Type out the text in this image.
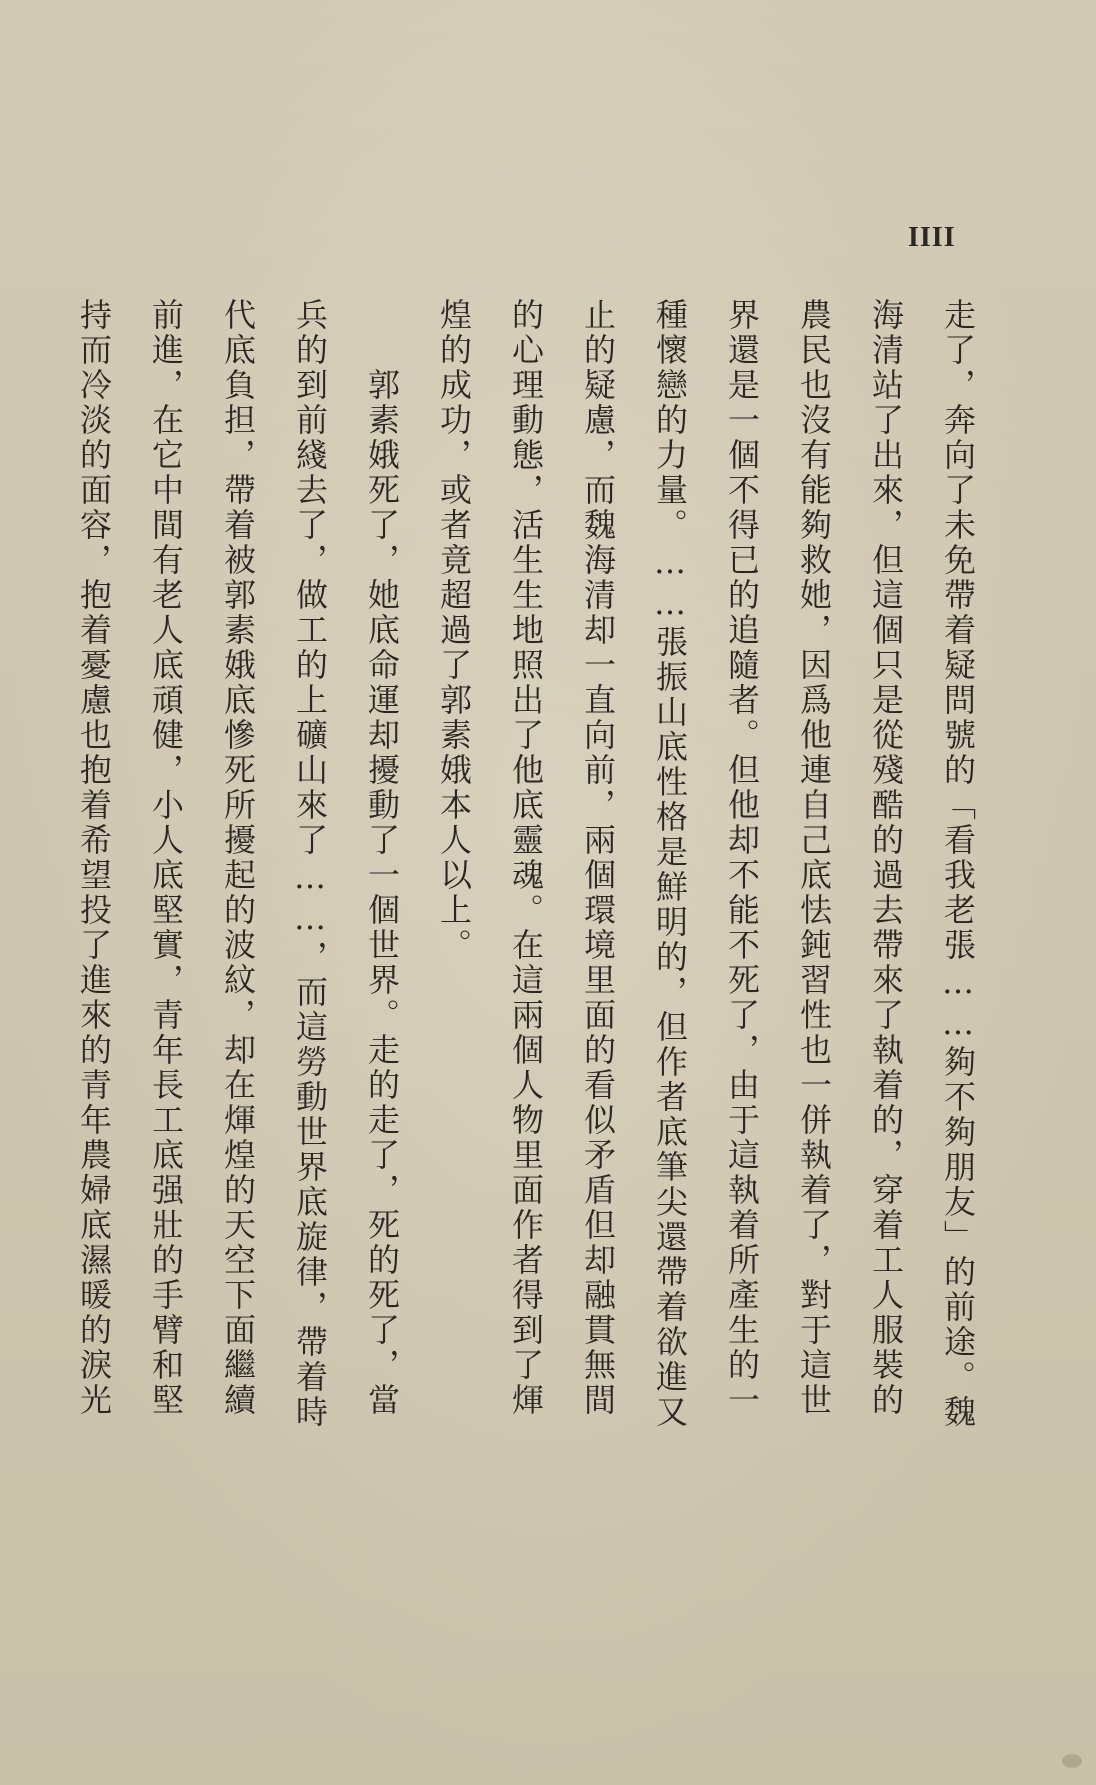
IIII
走了，奔向了未免帶着疑問號的「看我老張……夠不夠朋友」的前途。魏
海清站了出來，但這個只是從殘酷的過去帶來了執着的，穿着工人服裝的
農民也沒有能夠救她，因爲他連自己底怯鈍習性也一併執着了，對于這世
界還是一個不得已的追隨者。但他却不能不死了，由于這執着所產生的一
種懷戀的力量。……張振山底性格是鮮明的，但作者底筆尖還帶着欲進又
止的疑慮，而魏海清却一直向前，兩個環境里面的看似矛盾但却融貫無間
的心理動態，活生生地照出了他底靈魂。在這兩個人物里面作者得到了煇
煌的成功，或者竟超過了郭素娥本人以上。
郭素娥死了，她底命運却擾動了一個世界。走的走了，死的死了，當
兵的到前綫去了，做工的上礦山來了……，而這勞動世界底旋律，帶着時
代底負担，帶着被郭素娥底慘死所擾起的波紋，却在煇煌的天空下面繼續
前進，在它中間有老人底頑健，小人底堅實，青年長工底强壯的手臂和堅
持而冷淡的面容，抱着憂慮也抱着希望投了進來的青年農婦底濕暖的淚光
